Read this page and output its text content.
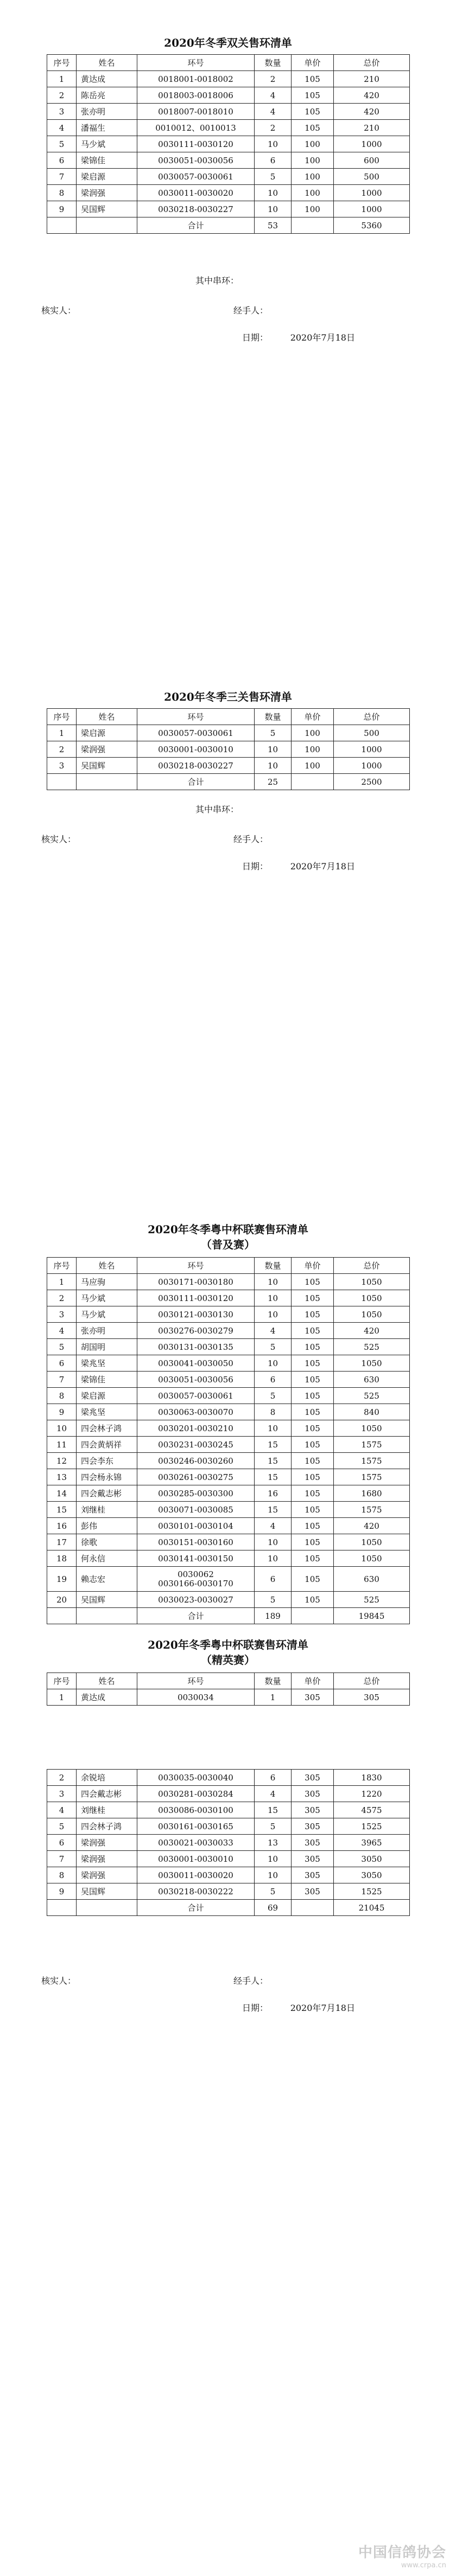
2020年冬季双关售环清单
序号	姓名	环号	数量	单价	总价
1	黄达成	0018001-0018002	2	105	210
2	陈岳亮	0018003-0018006	4	105	420
3	张亦明	0018007-0018010	4	105	420
4	潘福生	0010012、0010013	2	105	210
5	马少斌	0030111-0030120	10	100	1000
6	梁锦佳	0030051-0030056	6	100	600
7	梁启源	0030057-0030061	5	100	500
8	梁润强	0030011-0030020	10	100	1000
9	吴国辉	0030218-0030227	10	100	1000
		合计	53		5360
其中串环：
核实人：	经手人：
日期：        2020年7月18日
2020年冬季三关售环清单
序号	姓名	环号	数量	单价	总价
1	梁启源	0030057-0030061	5	100	500
2	梁润强	0030001-0030010	10	100	1000
3	吴国辉	0030218-0030227	10	100	1000
		合计	25		2500
其中串环：
核实人：	经手人：
日期：        2020年7月18日
2020年冬季粤中杯联赛售环清单
（普及赛）
序号	姓名	环号	数量	单价	总价
1	马应驹	0030171-0030180	10	105	1050
2	马少斌	0030111-0030120	10	105	1050
3	马少斌	0030121-0030130	10	105	1050
4	张亦明	0030276-0030279	4	105	420
5	胡国明	0030131-0030135	5	105	525
6	梁兆坚	0030041-0030050	10	105	1050
7	梁锦佳	0030051-0030056	6	105	630
8	梁启源	0030057-0030061	5	105	525
9	梁兆坚	0030063-0030070	8	105	840
10	四会林子鸿	0030201-0030210	10	105	1050
11	四会黄炳祥	0030231-0030245	15	105	1575
12	四会李东	0030246-0030260	15	105	1575
13	四会杨永锦	0030261-0030275	15	105	1575
14	四会戴志彬	0030285-0030300	16	105	1680
15	刘继桂	0030071-0030085	15	105	1575
16	彭伟	0030101-0030104	4	105	420
17	徐歌	0030151-0030160	10	105	1050
18	何永信	0030141-0030150	10	105	1050
19	赖志宏	0030062
0030166-0030170	6	105	630
20	吴国辉	0030023-0030027	5	105	525
		合计	189		19845
2020年冬季粤中杯联赛售环清单
（精英赛）
序号	姓名	环号	数量	单价	总价
1	黄达成	0030034	1	305	305
2	余锐培	0030035-0030040	6	305	1830
3	四会戴志彬	0030281-0030284	4	305	1220
4	刘继桂	0030086-0030100	15	305	4575
5	四会林子鸿	0030161-0030165	5	305	1525
6	梁润强	0030021-0030033	13	305	3965
7	梁润强	0030001-0030010	10	305	3050
8	梁润强	0030011-0030020	10	305	3050
9	吴国辉	0030218-0030222	5	305	1525
		合计	69		21045
核实人：	经手人：
日期：        2020年7月18日
中国信鸽协会
www.crpa.cn
